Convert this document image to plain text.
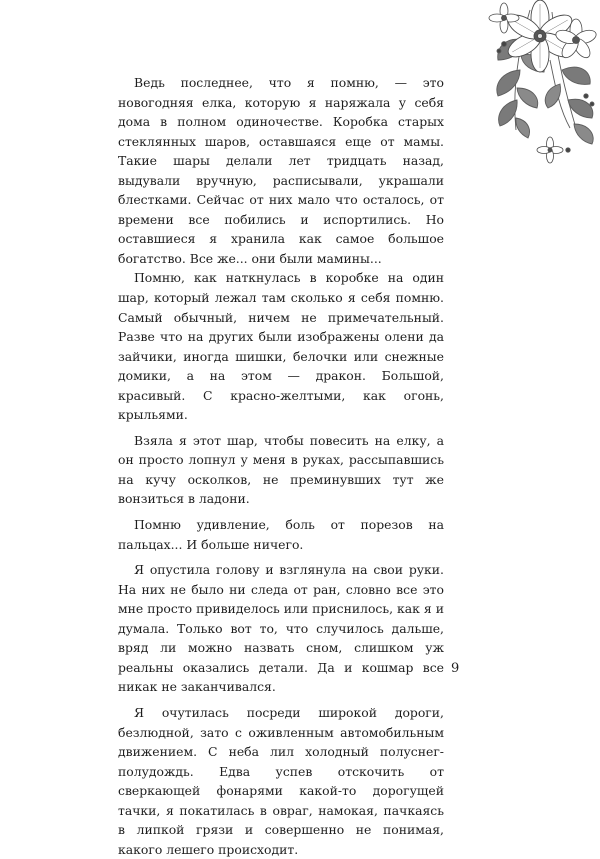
Ведь последнее, что я помню, — это новогодняя елка, которую я наряжала у себя дома в полном одиночестве. Коробка старых стеклянных шаров, оставшаяся еще от мамы. Такие шары делали лет тридцать назад, выдували вручную, расписывали, украшали блестками. Сейчас от них мало что осталось, от времени все побились и испортились. Но оставшиеся я хранила как самое большое богатство. Все же... они были мамины...

Помню, как наткнулась в коробке на один шар, который лежал там сколько я себя помню. Самый обычный, ничем не примечательный. Разве что на других были изображены олени да зайчики, иногда шишки, белочки или снежные домики, а на этом — дракон. Большой, красивый. С красно-желтыми, как огонь, крыльями.

Взяла я этот шар, чтобы повесить на елку, а он просто лопнул у меня в руках, рассыпавшись на кучу осколков, не преминувших тут же вонзиться в ладони.

Помню удивление, боль от порезов на пальцах... И больше ничего.

Я опустила голову и взглянула на свои руки. На них не было ни следа от ран, словно все это мне просто привиделось или приснилось, как я и думала. Только вот то, что случилось дальше, вряд ли можно назвать сном, слишком уж реальны оказались детали. Да и кошмар все никак не заканчивался.

Я очутилась посреди широкой дороги, безлюдной, зато с оживленным автомобильным движением. С неба лил холодный полуснег-полудождь. Едва успев отскочить от сверкающей фонарями какой-то дорогущей тачки, я покатилась в овраг, намокая, пачкаясь в липкой грязи и совершенно не понимая, какого лешего происходит.

9
